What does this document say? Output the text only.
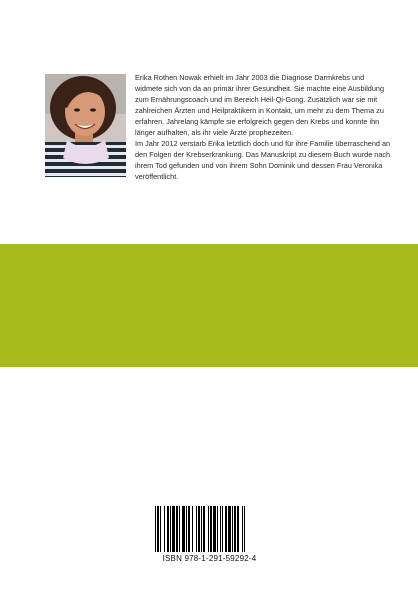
Erika Rothen Nowak erhielt im Jahr 2003 die Diagnose Darmkrebs und widmete sich von da an primär ihrer Gesundheit. Sie machte eine Ausbildung zum Ernährungscoach und im Bereich Heil-Qi-Gong. Zusätzlich war sie mit zahlreichen Ärzten und Heilpraktikern in Kontakt, um mehr zu dem Thema zu erfahren. Jahrelang kämpfe sie erfolgreich gegen den Krebs und konnte ihn länger aufhalten, als ihr viele Ärzte prophezeiten.

Im Jahr 2012 verstarb Erika letztlich doch und für ihre Familie überraschend an den Folgen der Krebserkrankung. Das Manuskript zu diesem Buch wurde nach ihrem Tod gefunden und von ihrem Sohn Dominik und dessen Frau Veronika veröffentlicht.

ISBN 978-1-291-59292-4
